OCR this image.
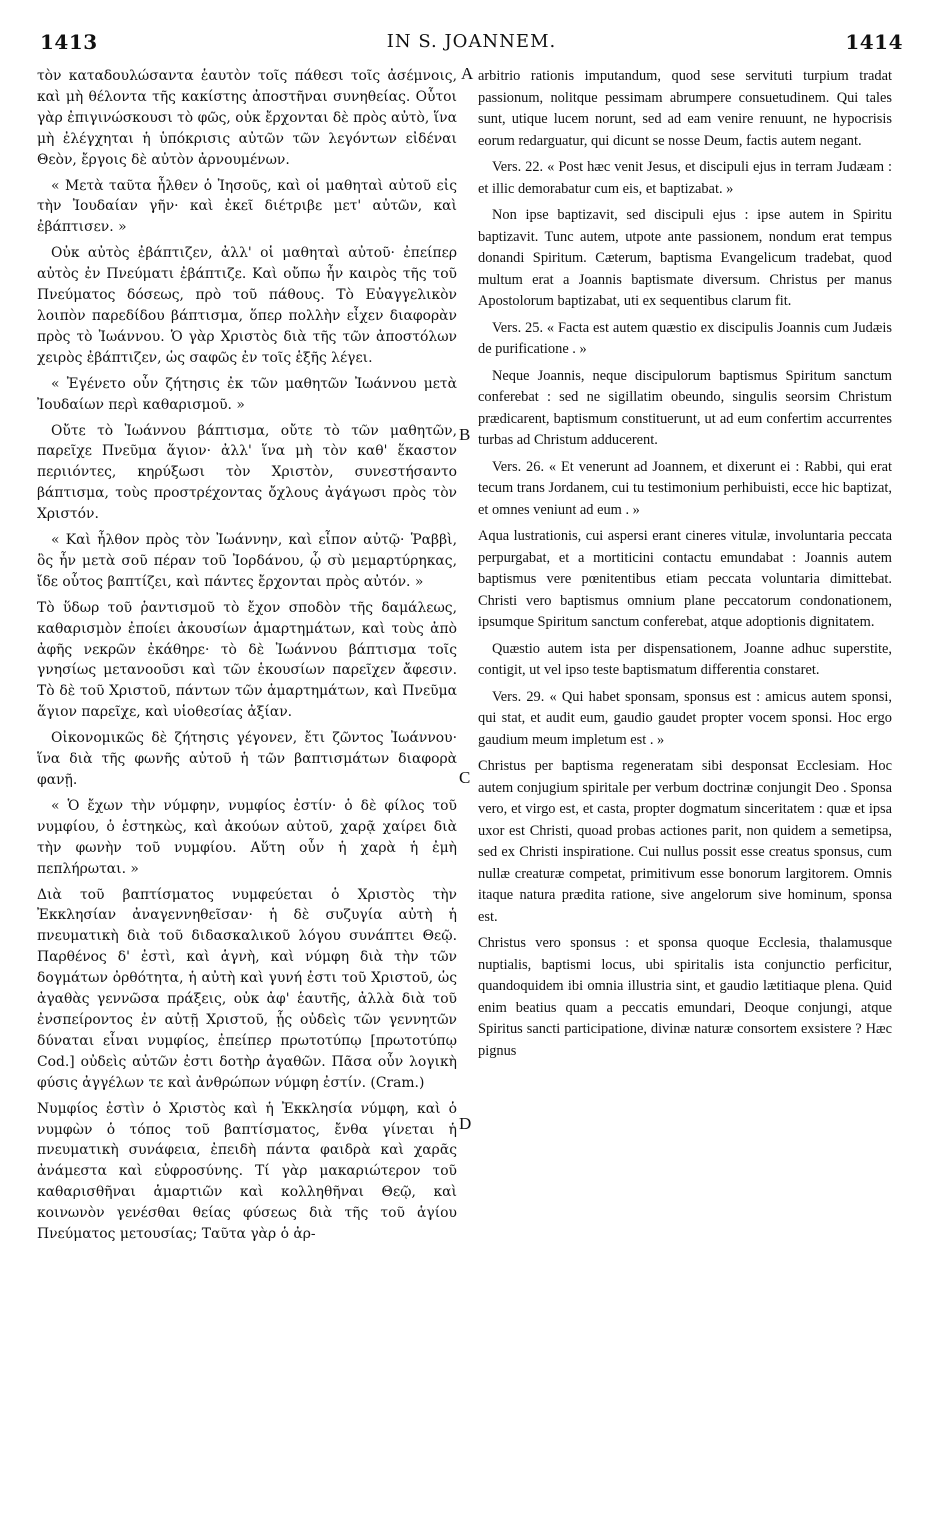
1413	IN S. JOANNEM.	1414

τὸν καταδουλώσαντα ἑαυτὸν τοῖς πάθεσι τοῖς ἀσέμνοις, καὶ μὴ θέλοντα τῆς κακίστης ἀποστῆναι συνηθείας. Οὗτοι γὰρ ἐπιγινώσκουσι τὸ φῶς, οὐκ ἔρχονται δὲ πρὸς αὐτὸ, ἵνα μὴ ἐλέγχηται ἡ ὑπόκρισις αὐτῶν τῶν λεγόντων εἰδέναι Θεὸν, ἔργοις δὲ αὐτὸν ἀρνουμένων.

« Μετὰ ταῦτα ἦλθεν ὁ Ἰησοῦς, καὶ οἱ μαθηταὶ αὐτοῦ εἰς τὴν Ἰουδαίαν γῆν· καὶ ἐκεῖ διέτριβε μετ' αὐτῶν, καὶ ἐβάπτισεν. »

Οὐκ αὐτὸς ἐβάπτιζεν, ἀλλ' οἱ μαθηταὶ αὐτοῦ· ἐπείπερ αὐτὸς ἐν Πνεύματι ἐβάπτιζε. Καὶ οὔπω ἦν καιρὸς τῆς τοῦ Πνεύματος δόσεως, πρὸ τοῦ πάθους. Τὸ Εὐαγγελικὸν λοιπὸν παρεδίδου βάπτισμα, ὅπερ πολλὴν εἶχεν διαφορὰν πρὸς τὸ Ἰωάννου. Ὁ γὰρ Χριστὸς διὰ τῆς τῶν ἀποστόλων χειρὸς ἐβάπτιζεν, ὡς σαφῶς ἐν τοῖς ἑξῆς λέγει.

« Ἐγένετο οὖν ζήτησις ἐκ τῶν μαθητῶν Ἰωάννου μετὰ Ἰουδαίων περὶ καθαρισμοῦ. »

Οὔτε τὸ Ἰωάννου βάπτισμα, οὔτε τὸ τῶν μαθητῶν, παρεῖχε Πνεῦμα ἅγιον· ἀλλ' ἵνα μὴ τὸν καθ' ἕκαστον περιιόντες, κηρύξωσι τὸν Χριστὸν, συνεστήσαντο βάπτισμα, τοὺς προστρέχοντας ὄχλους ἀγάγωσι πρὸς τὸν Χριστόν.

« Καὶ ἦλθον πρὸς τὸν Ἰωάννην, καὶ εἶπον αὐτῷ· Ῥαββὶ, ὃς ἦν μετὰ σοῦ πέραν τοῦ Ἰορδάνου, ᾧ σὺ μεμαρτύρηκας, ἴδε οὗτος βαπτίζει, καὶ πάντες ἔρχονται πρὸς αὐτόν. »

Τὸ ὕδωρ τοῦ ῥαντισμοῦ τὸ ἔχον σποδὸν τῆς δαμάλεως, καθαρισμὸν ἐποίει ἀκουσίων ἁμαρτημάτων, καὶ τοὺς ἀπὸ ἀφῆς νεκρῶν ἐκάθηρε· τὸ δὲ Ἰωάννου βάπτισμα τοῖς γνησίως μετανοοῦσι καὶ τῶν ἑκουσίων παρεῖχεν ἄφεσιν. Τὸ δὲ τοῦ Χριστοῦ, πάντων τῶν ἁμαρτημάτων, καὶ Πνεῦμα ἅγιον παρεῖχε, καὶ υἱοθεσίας ἀξίαν.

Οἰκονομικῶς δὲ ζήτησις γέγονεν, ἔτι ζῶντος Ἰωάννου· ἵνα διὰ τῆς φωνῆς αὐτοῦ ἡ τῶν βαπτισμάτων διαφορὰ φανῇ.

« Ὁ ἔχων τὴν νύμφην, νυμφίος ἐστίν· ὁ δὲ φίλος τοῦ νυμφίου, ὁ ἑστηκὼς, καὶ ἀκούων αὐτοῦ, χαρᾷ χαίρει διὰ τὴν φωνὴν τοῦ νυμφίου. Αὕτη οὖν ἡ χαρὰ ἡ ἐμὴ πεπλήρωται. »

Διὰ τοῦ βαπτίσματος νυμφεύεται ὁ Χριστὸς τὴν Ἐκκλησίαν ἀναγεννηθεῖσαν· ἡ δὲ συζυγία αὐτὴ ἡ πνευματικὴ διὰ τοῦ διδασκαλικοῦ λόγου συνάπτει Θεῷ. Παρθένος δ' ἐστὶ, καὶ ἁγνὴ, καὶ νύμφη διὰ τὴν τῶν δογμάτων ὀρθότητα, ἡ αὐτὴ καὶ γυνή ἐστι τοῦ Χριστοῦ, ὡς ἀγαθὰς γεννῶσα πράξεις, οὐκ ἀφ' ἑαυτῆς, ἀλλὰ διὰ τοῦ ἐνσπείροντος ἐν αὐτῇ Χριστοῦ, ᾗς οὐδεὶς τῶν γεννητῶν δύναται εἶναι νυμφίος, ἐπείπερ πρωτοτύπῳ [πρωτοτύπῳ Cod.] οὐδεὶς αὐτῶν ἐστι δοτὴρ ἀγαθῶν. Πᾶσα οὖν λογικὴ φύσις ἀγγέλων τε καὶ ἀνθρώπων νύμφη ἐστίν. (Cram.)

Νυμφίος ἐστὶν ὁ Χριστὸς καὶ ἡ Ἐκκλησία νύμφη, καὶ ὁ νυμφὼν ὁ τόπος τοῦ βαπτίσματος, ἔνθα γίνεται ἡ πνευματικὴ συνάφεια, ἐπειδὴ πάντα φαιδρὰ καὶ χαρᾶς ἀνάμεστα καὶ εὐφροσύνης. Τί γὰρ μακαριώτερον τοῦ καθαρισθῆναι ἁμαρτιῶν καὶ κολληθῆναι Θεῷ, καὶ κοινωνὸν γενέσθαι θείας φύσεως διὰ τῆς τοῦ ἁγίου Πνεύματος μετουσίας; Ταῦτα γὰρ ὁ ἀρ-

arbitrio rationis imputandum, quod sese servituti turpium tradat passionum, nolitque pessimam abrumpere consuetudinem. Qui tales sunt, utique lucem norunt, sed ad eam venire renuunt, ne hypocrisis eorum redarguatur, qui dicunt se nosse Deum, factis autem negant.

Vers. 22. « Post hæc venit Jesus, et discipuli ejus in terram Judæam : et illic demorabatur cum eis, et baptizabat. »

Non ipse baptizavit, sed discipuli ejus : ipse autem in Spiritu baptizavit. Tunc autem, utpote ante passionem, nondum erat tempus donandi Spiritum. Cæterum, baptisma Evangelicum tradebat, quod multum erat a Joannis baptismate diversum. Christus per manus Apostolorum baptizabat, uti ex sequentibus clarum fit.

Vers. 25. « Facta est autem quæstio ex discipulis Joannis cum Judæis de purificatione . »

Neque Joannis, neque discipulorum baptismus Spiritum sanctum conferebat : sed ne sigillatim obeundo, singulis seorsim Christum prædicarent, baptismum constituerunt, ut ad eum confertim accurrentes turbas ad Christum adducerent.

Vers. 26. « Et venerunt ad Joannem, et dixerunt ei : Rabbi, qui erat tecum trans Jordanem, cui tu testimonium perhibuisti, ecce hic baptizat, et omnes veniunt ad eum . »

Aqua lustrationis, cui aspersi erant cineres vitulæ, involuntaria peccata perpurgabat, et a mortiticini contactu emundabat : Joannis autem baptismus vere pœnitentibus etiam peccata voluntaria dimittebat. Christi vero baptismus omnium plane peccatorum condonationem, ipsumque Spiritum sanctum conferebat, atque adoptionis dignitatem.

Quæstio autem ista per dispensationem, Joanne adhuc superstite, contigit, ut vel ipso teste baptismatum differentia constaret.

Vers. 29. « Qui habet sponsam, sponsus est : amicus autem sponsi, qui stat, et audit eum, gaudio gaudet propter vocem sponsi. Hoc ergo gaudium meum impletum est . »

Christus per baptisma regeneratam sibi desponsat Ecclesiam. Hoc autem conjugium spiritale per verbum doctrinæ conjungit Deo . Sponsa vero, et virgo est, et casta, propter dogmatum sinceritatem : quæ et ipsa uxor est Christi, quoad probas actiones parit, non quidem a semetipsa, sed ex Christi inspiratione. Cui nullus possit esse creatus sponsus, cum nullæ creaturæ competat, primitivum esse bonorum largitorem. Omnis itaque natura prædita ratione, sive angelorum sive hominum, sponsa est.

Christus vero sponsus : et sponsa quoque Ecclesia, thalamusque nuptialis, baptismi locus, ubi spiritalis ista conjunctio perficitur, quandoquidem ibi omnia illustria sint, et gaudio lætitiaque plena. Quid enim beatius quam a peccatis emundari, Deoque conjungi, atque Spiritus sancti participatione, divinæ naturæ consortem exsistere ? Hæc pignus

A
B
C
D
